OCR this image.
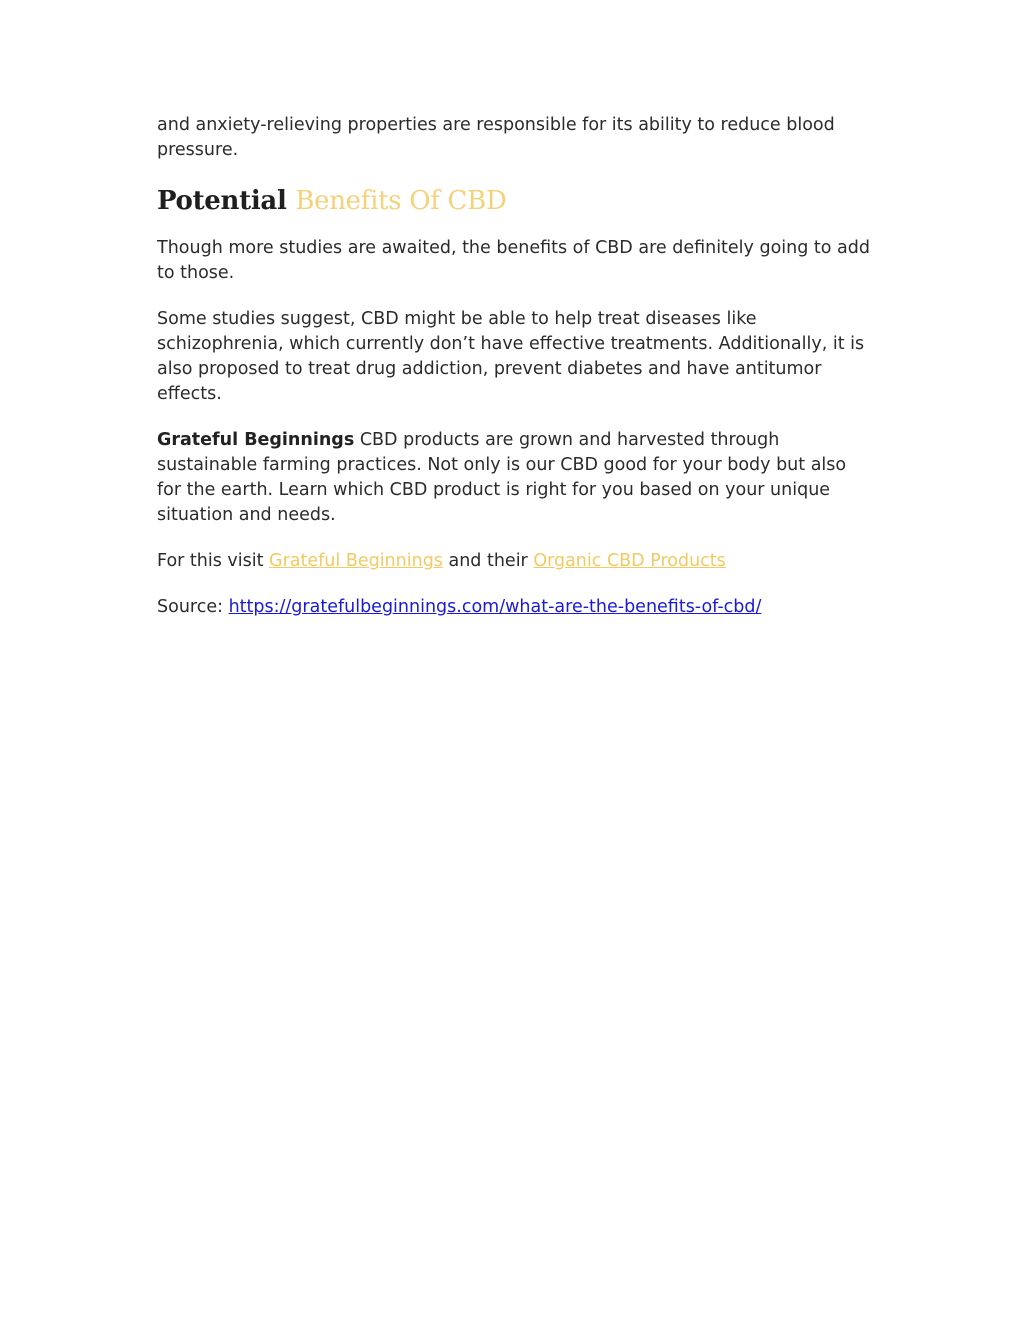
and anxiety-relieving properties are responsible for its ability to reduce blood pressure.

Potential Benefits Of CBD

Though more studies are awaited, the benefits of CBD are definitely going to add to those.

Some studies suggest, CBD might be able to help treat diseases like schizophrenia, which currently don’t have effective treatments. Additionally, it is also proposed to treat drug addiction, prevent diabetes and have antitumor effects.

Grateful Beginnings CBD products are grown and harvested through sustainable farming practices. Not only is our CBD good for your body but also for the earth. Learn which CBD product is right for you based on your unique situation and needs.

For this visit Grateful Beginnings and their Organic CBD Products

Source: https://gratefulbeginnings.com/what-are-the-benefits-of-cbd/
